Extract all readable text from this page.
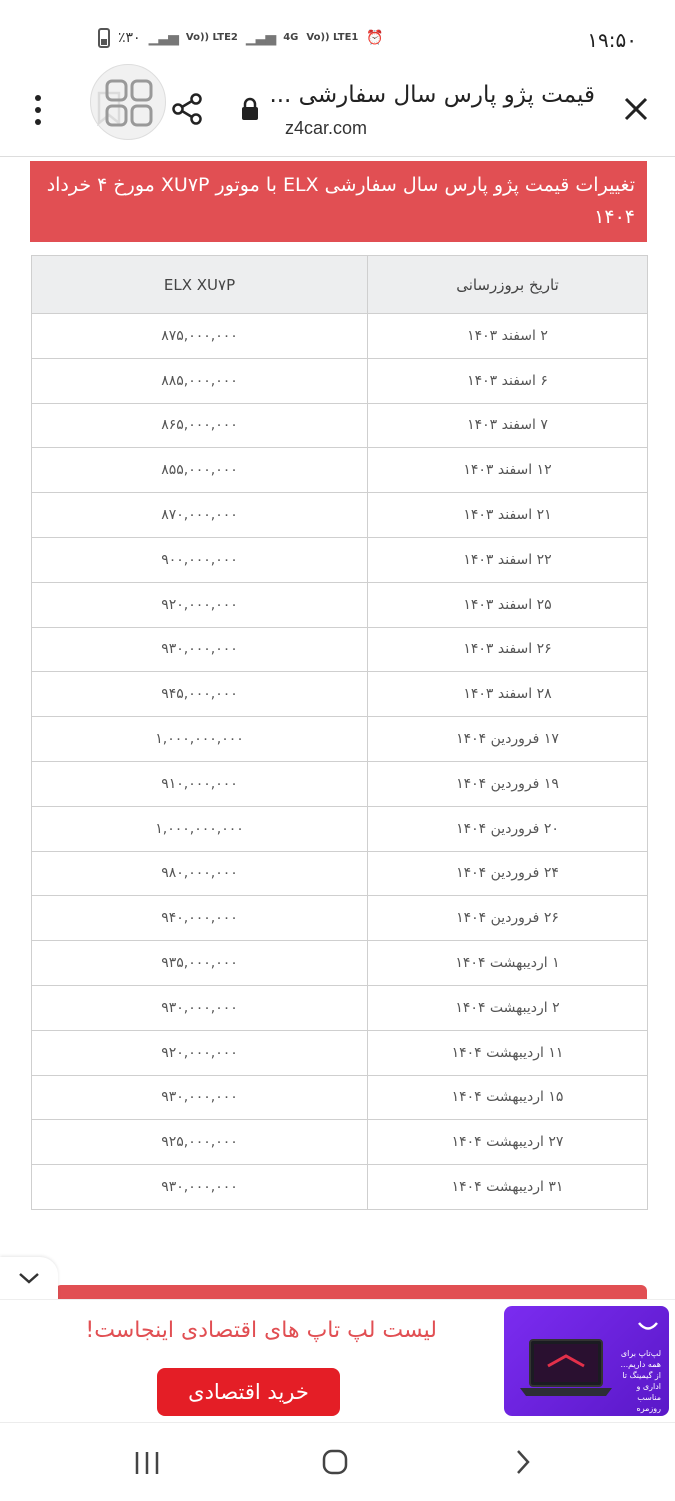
٪۳۰ ▁▃▅ Vo)) LTE2 ▁▃▅ 4G Vo)) LTE1 ⏰	۱۹:۵۰
قیمت پژو پارس سال سفارشی ...
z4car.com
تغییرات قیمت پژو پارس سال سفارشی ELX با موتور XU۷P مورخ ۴ خرداد ۱۴۰۴
ELX XU۷P	تاریخ بروزرسانی
۸۷۵,۰۰۰,۰۰۰	۲ اسفند ۱۴۰۳
۸۸۵,۰۰۰,۰۰۰	۶ اسفند ۱۴۰۳
۸۶۵,۰۰۰,۰۰۰	۷ اسفند ۱۴۰۳
۸۵۵,۰۰۰,۰۰۰	۱۲ اسفند ۱۴۰۳
۸۷۰,۰۰۰,۰۰۰	۲۱ اسفند ۱۴۰۳
۹۰۰,۰۰۰,۰۰۰	۲۲ اسفند ۱۴۰۳
۹۲۰,۰۰۰,۰۰۰	۲۵ اسفند ۱۴۰۳
۹۳۰,۰۰۰,۰۰۰	۲۶ اسفند ۱۴۰۳
۹۴۵,۰۰۰,۰۰۰	۲۸ اسفند ۱۴۰۳
۱,۰۰۰,۰۰۰,۰۰۰	۱۷ فروردین ۱۴۰۴
۹۱۰,۰۰۰,۰۰۰	۱۹ فروردین ۱۴۰۴
۱,۰۰۰,۰۰۰,۰۰۰	۲۰ فروردین ۱۴۰۴
۹۸۰,۰۰۰,۰۰۰	۲۴ فروردین ۱۴۰۴
۹۴۰,۰۰۰,۰۰۰	۲۶ فروردین ۱۴۰۴
۹۳۵,۰۰۰,۰۰۰	۱ اردیبهشت ۱۴۰۴
۹۳۰,۰۰۰,۰۰۰	۲ اردیبهشت ۱۴۰۴
۹۲۰,۰۰۰,۰۰۰	۱۱ اردیبهشت ۱۴۰۴
۹۳۰,۰۰۰,۰۰۰	۱۵ اردیبهشت ۱۴۰۴
۹۲۵,۰۰۰,۰۰۰	۲۷ اردیبهشت ۱۴۰۴
۹۳۰,۰۰۰,۰۰۰	۳۱ اردیبهشت ۱۴۰۴
لیست لپ تاپ های اقتصادی اینجاست!
خرید اقتصادی
لپ‌تاپ برای همه داریم... از گیمینگ تا اداری و مناسب روزمره
